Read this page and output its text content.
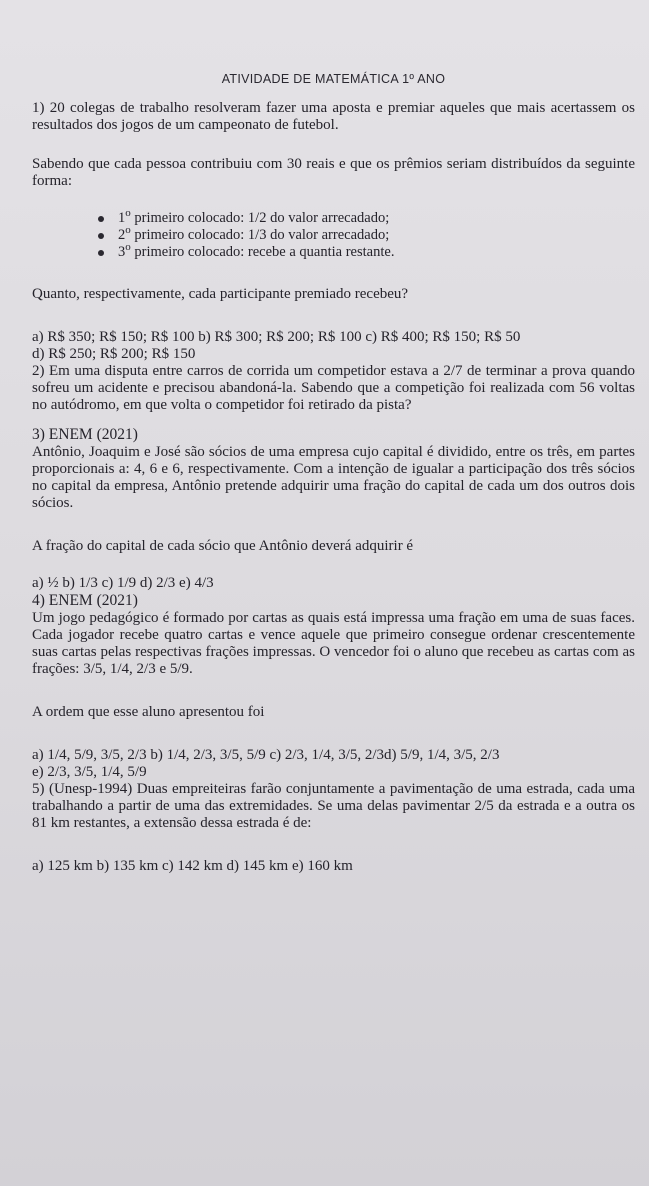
ATIVIDADE DE MATEMÁTICA 1º ANO

1) 20 colegas de trabalho resolveram fazer uma aposta e premiar aqueles que mais acertassem os resultados dos jogos de um campeonato de futebol.

Sabendo que cada pessoa contribuiu com 30 reais e que os prêmios seriam distribuídos da seguinte forma:

1$^o$ primeiro colocado: 1/2 do valor arrecadado;
2$^o$ primeiro colocado: 1/3 do valor arrecadado;
3$^o$ primeiro colocado: recebe a quantia restante.

Quanto, respectivamente, cada participante premiado recebeu?

a) R$ 350; R$ 150; R$ 100 b) R$ 300; R$ 200; R$ 100 c) R$ 400; R$ 150; R$ 50

d) R$ 250; R$ 200; R$ 150

2) Em uma disputa entre carros de corrida um competidor estava a 2/7 de terminar a prova quando sofreu um acidente e precisou abandoná-la. Sabendo que a competição foi realizada com 56 voltas no autódromo, em que volta o competidor foi retirado da pista?

3) ENEM (2021)

Antônio, Joaquim e José são sócios de uma empresa cujo capital é dividido, entre os três, em partes proporcionais a: 4, 6 e 6, respectivamente. Com a intenção de igualar a participação dos três sócios no capital da empresa, Antônio pretende adquirir uma fração do capital de cada um dos outros dois sócios.

A fração do capital de cada sócio que Antônio deverá adquirir é

a) ½ b) 1/3 c) 1/9 d) 2/3 e) 4/3

4) ENEM (2021)

Um jogo pedagógico é formado por cartas as quais está impressa uma fração em uma de suas faces. Cada jogador recebe quatro cartas e vence aquele que primeiro consegue ordenar crescentemente suas cartas pelas respectivas frações impressas. O vencedor foi o aluno que recebeu as cartas com as frações: 3/5, 1/4, 2/3 e 5/9.

A ordem que esse aluno apresentou foi

a) 1/4, 5/9, 3/5, 2/3 b) 1/4, 2/3, 3/5, 5/9 c) 2/3, 1/4, 3/5, 2/3d) 5/9, 1/4, 3/5, 2/3

e) 2/3, 3/5, 1/4, 5/9

5) (Unesp-1994) Duas empreiteiras farão conjuntamente a pavimentação de uma estrada, cada uma trabalhando a partir de uma das extremidades. Se uma delas pavimentar 2/5 da estrada e a outra os 81 km restantes, a extensão dessa estrada é de:

a) 125 km b) 135 km c) 142 km d) 145 km e) 160 km
